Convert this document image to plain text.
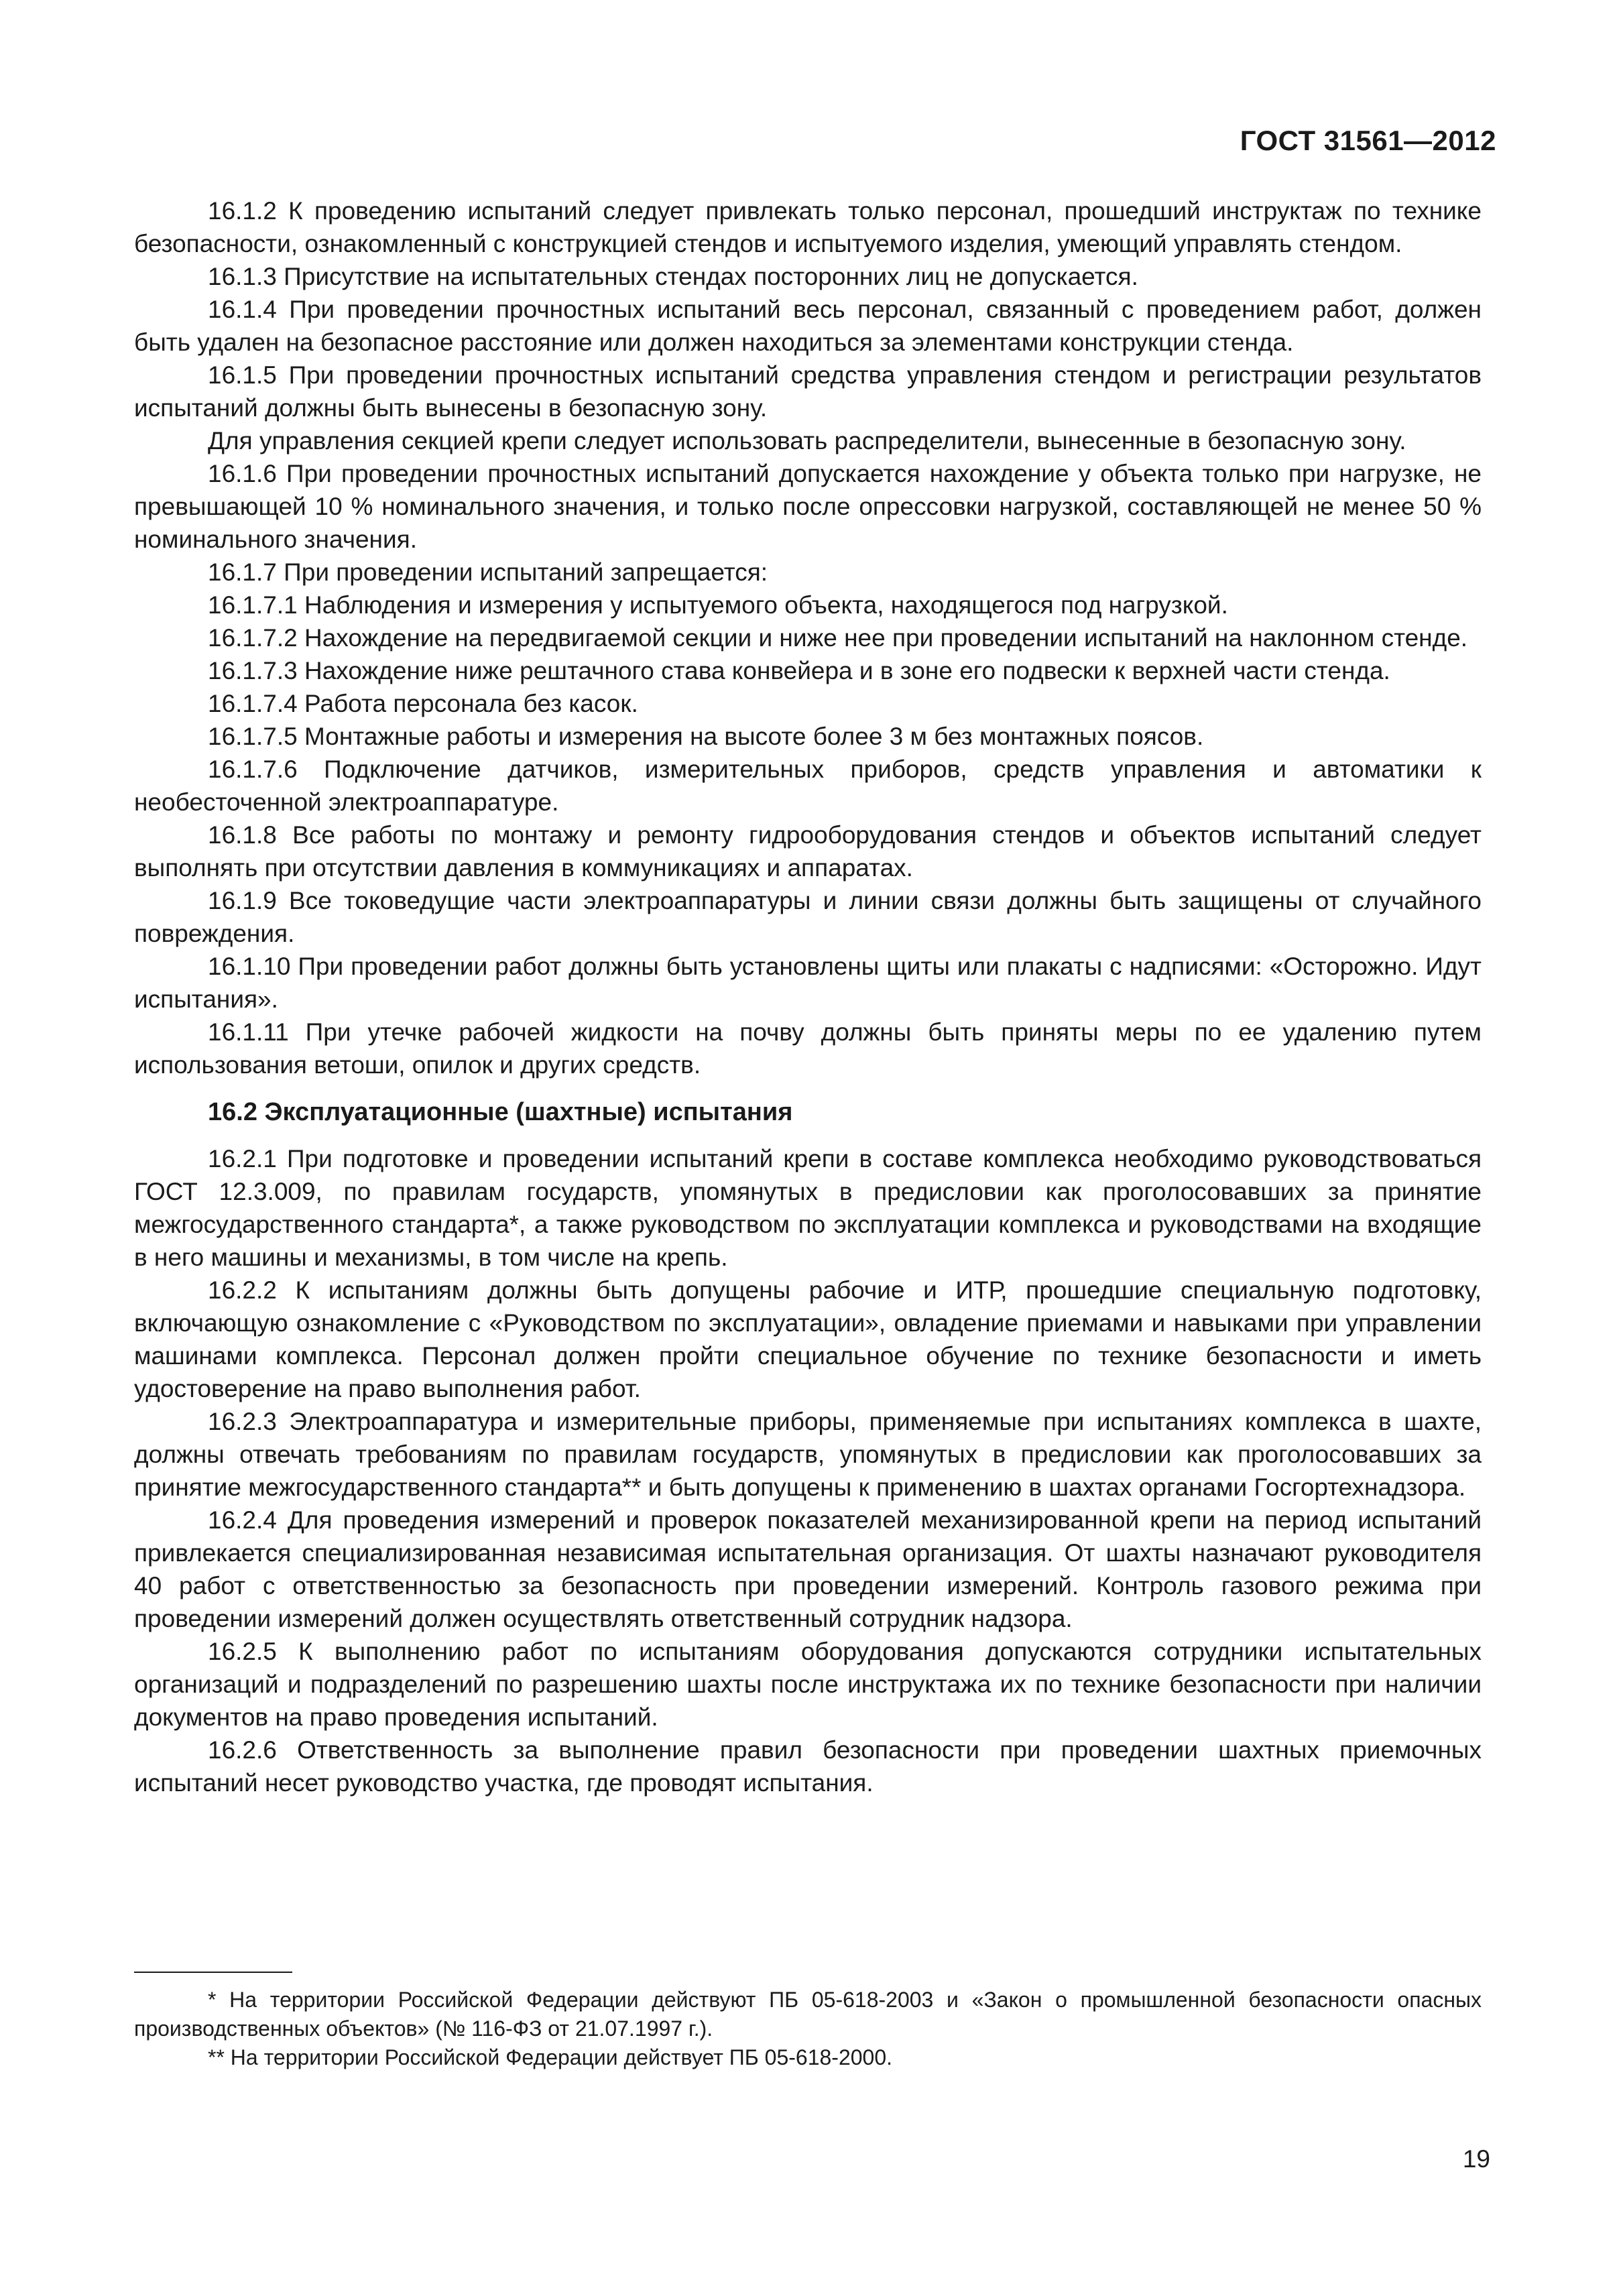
ГОСТ 31561—2012

16.1.2 К проведению испытаний следует привлекать только персонал, прошедший инструктаж по технике безопасности, ознакомленный с конструкцией стендов и испытуемого изделия, умеющий управлять стендом.

16.1.3 Присутствие на испытательных стендах посторонних лиц не допускается.

16.1.4 При проведении прочностных испытаний весь персонал, связанный с проведением работ, должен быть удален на безопасное расстояние или должен находиться за элементами конструкции стенда.

16.1.5 При проведении прочностных испытаний средства управления стендом и регистрации результатов испытаний должны быть вынесены в безопасную зону.

Для управления секцией крепи следует использовать распределители, вынесенные в безопасную зону.

16.1.6 При проведении прочностных испытаний допускается нахождение у объекта только при нагрузке, не превышающей 10 % номинального значения, и только после опрессовки нагрузкой, составляющей не менее 50 % номинального значения.

16.1.7 При проведении испытаний запрещается:

16.1.7.1 Наблюдения и измерения у испытуемого объекта, находящегося под нагрузкой.

16.1.7.2 Нахождение на передвигаемой секции и ниже нее при проведении испытаний на наклонном стенде.

16.1.7.3 Нахождение ниже рештачного става конвейера и в зоне его подвески к верхней части стенда.

16.1.7.4 Работа персонала без касок.

16.1.7.5 Монтажные работы и измерения на высоте более 3 м без монтажных поясов.

16.1.7.6 Подключение датчиков, измерительных приборов, средств управления и автоматики к необесточенной электроаппаратуре.

16.1.8 Все работы по монтажу и ремонту гидрооборудования стендов и объектов испытаний следует выполнять при отсутствии давления в коммуникациях и аппаратах.

16.1.9 Все токоведущие части электроаппаратуры и линии связи должны быть защищены от случайного повреждения.

16.1.10 При проведении работ должны быть установлены щиты или плакаты с надписями: «Осторожно. Идут испытания».

16.1.11 При утечке рабочей жидкости на почву должны быть приняты меры по ее удалению путем использования ветоши, опилок и других средств.

16.2 Эксплуатационные (шахтные) испытания

16.2.1 При подготовке и проведении испытаний крепи в составе комплекса необходимо руководствоваться ГОСТ 12.3.009, по правилам государств, упомянутых в предисловии как проголосовавших за принятие межгосударственного стандарта*, а также руководством по эксплуатации комплекса и руководствами на входящие в него машины и механизмы, в том числе на крепь.

16.2.2 К испытаниям должны быть допущены рабочие и ИТР, прошедшие специальную подготовку, включающую ознакомление с «Руководством по эксплуатации», овладение приемами и навыками при управлении машинами комплекса. Персонал должен пройти специальное обучение по технике безопасности и иметь удостоверение на право выполнения работ.

16.2.3 Электроаппаратура и измерительные приборы, применяемые при испытаниях комплекса в шахте, должны отвечать требованиям по правилам государств, упомянутых в предисловии как проголосовавших за принятие межгосударственного стандарта** и быть допущены к применению в шахтах органами Госгортехнадзора.

16.2.4 Для проведения измерений и проверок показателей механизированной крепи на период испытаний привлекается специализированная независимая испытательная организация. От шахты назначают руководителя 40 работ с ответственностью за безопасность при проведении измерений. Контроль газового режима при проведении измерений должен осуществлять ответственный сотрудник надзора.

16.2.5 К выполнению работ по испытаниям оборудования допускаются сотрудники испытательных организаций и подразделений по разрешению шахты после инструктажа их по технике безопасности при наличии документов на право проведения испытаний.

16.2.6 Ответственность за выполнение правил безопасности при проведении шахтных приемочных испытаний несет руководство участка, где проводят испытания.

* На территории Российской Федерации действуют ПБ 05-618-2003 и «Закон о промышленной безопасности опасных производственных объектов» (№ 116-ФЗ от 21.07.1997 г.).

** На территории Российской Федерации действует ПБ 05-618-2000.

19
